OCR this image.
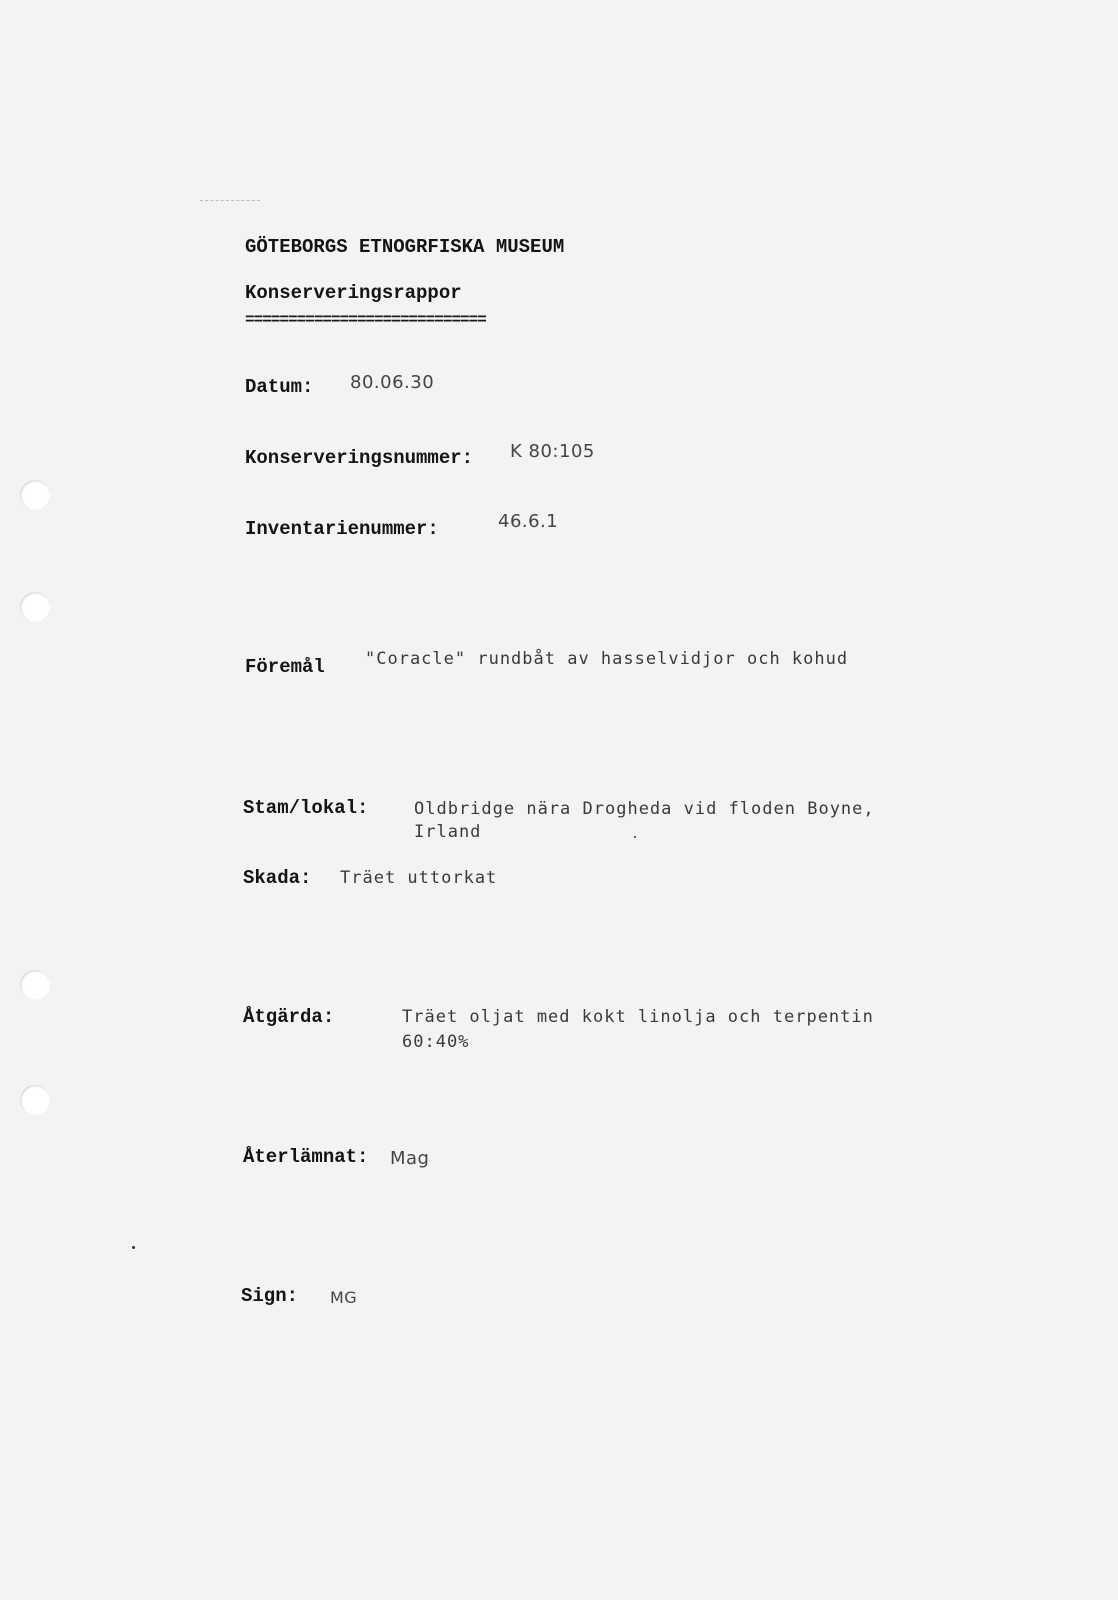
GÖTEBORGS ETNOGRFISKA MUSEUM
Konserveringsrappor
============================
Datum: 80.06.30
Konserveringsnummer: K 80:105
Inventarienummer:	46.6.1
Föremål "Coracle" rundbåt av hasselvidjor och kohud
Stam/lokal:	Oldbridge nära Drogheda vid floden Boyne,
Irland
Skada: Träet uttorkat
Åtgärda:	Träet oljat med kokt linolja och terpentin
60:40%
Återlämnat: Mag
Sign: MG
